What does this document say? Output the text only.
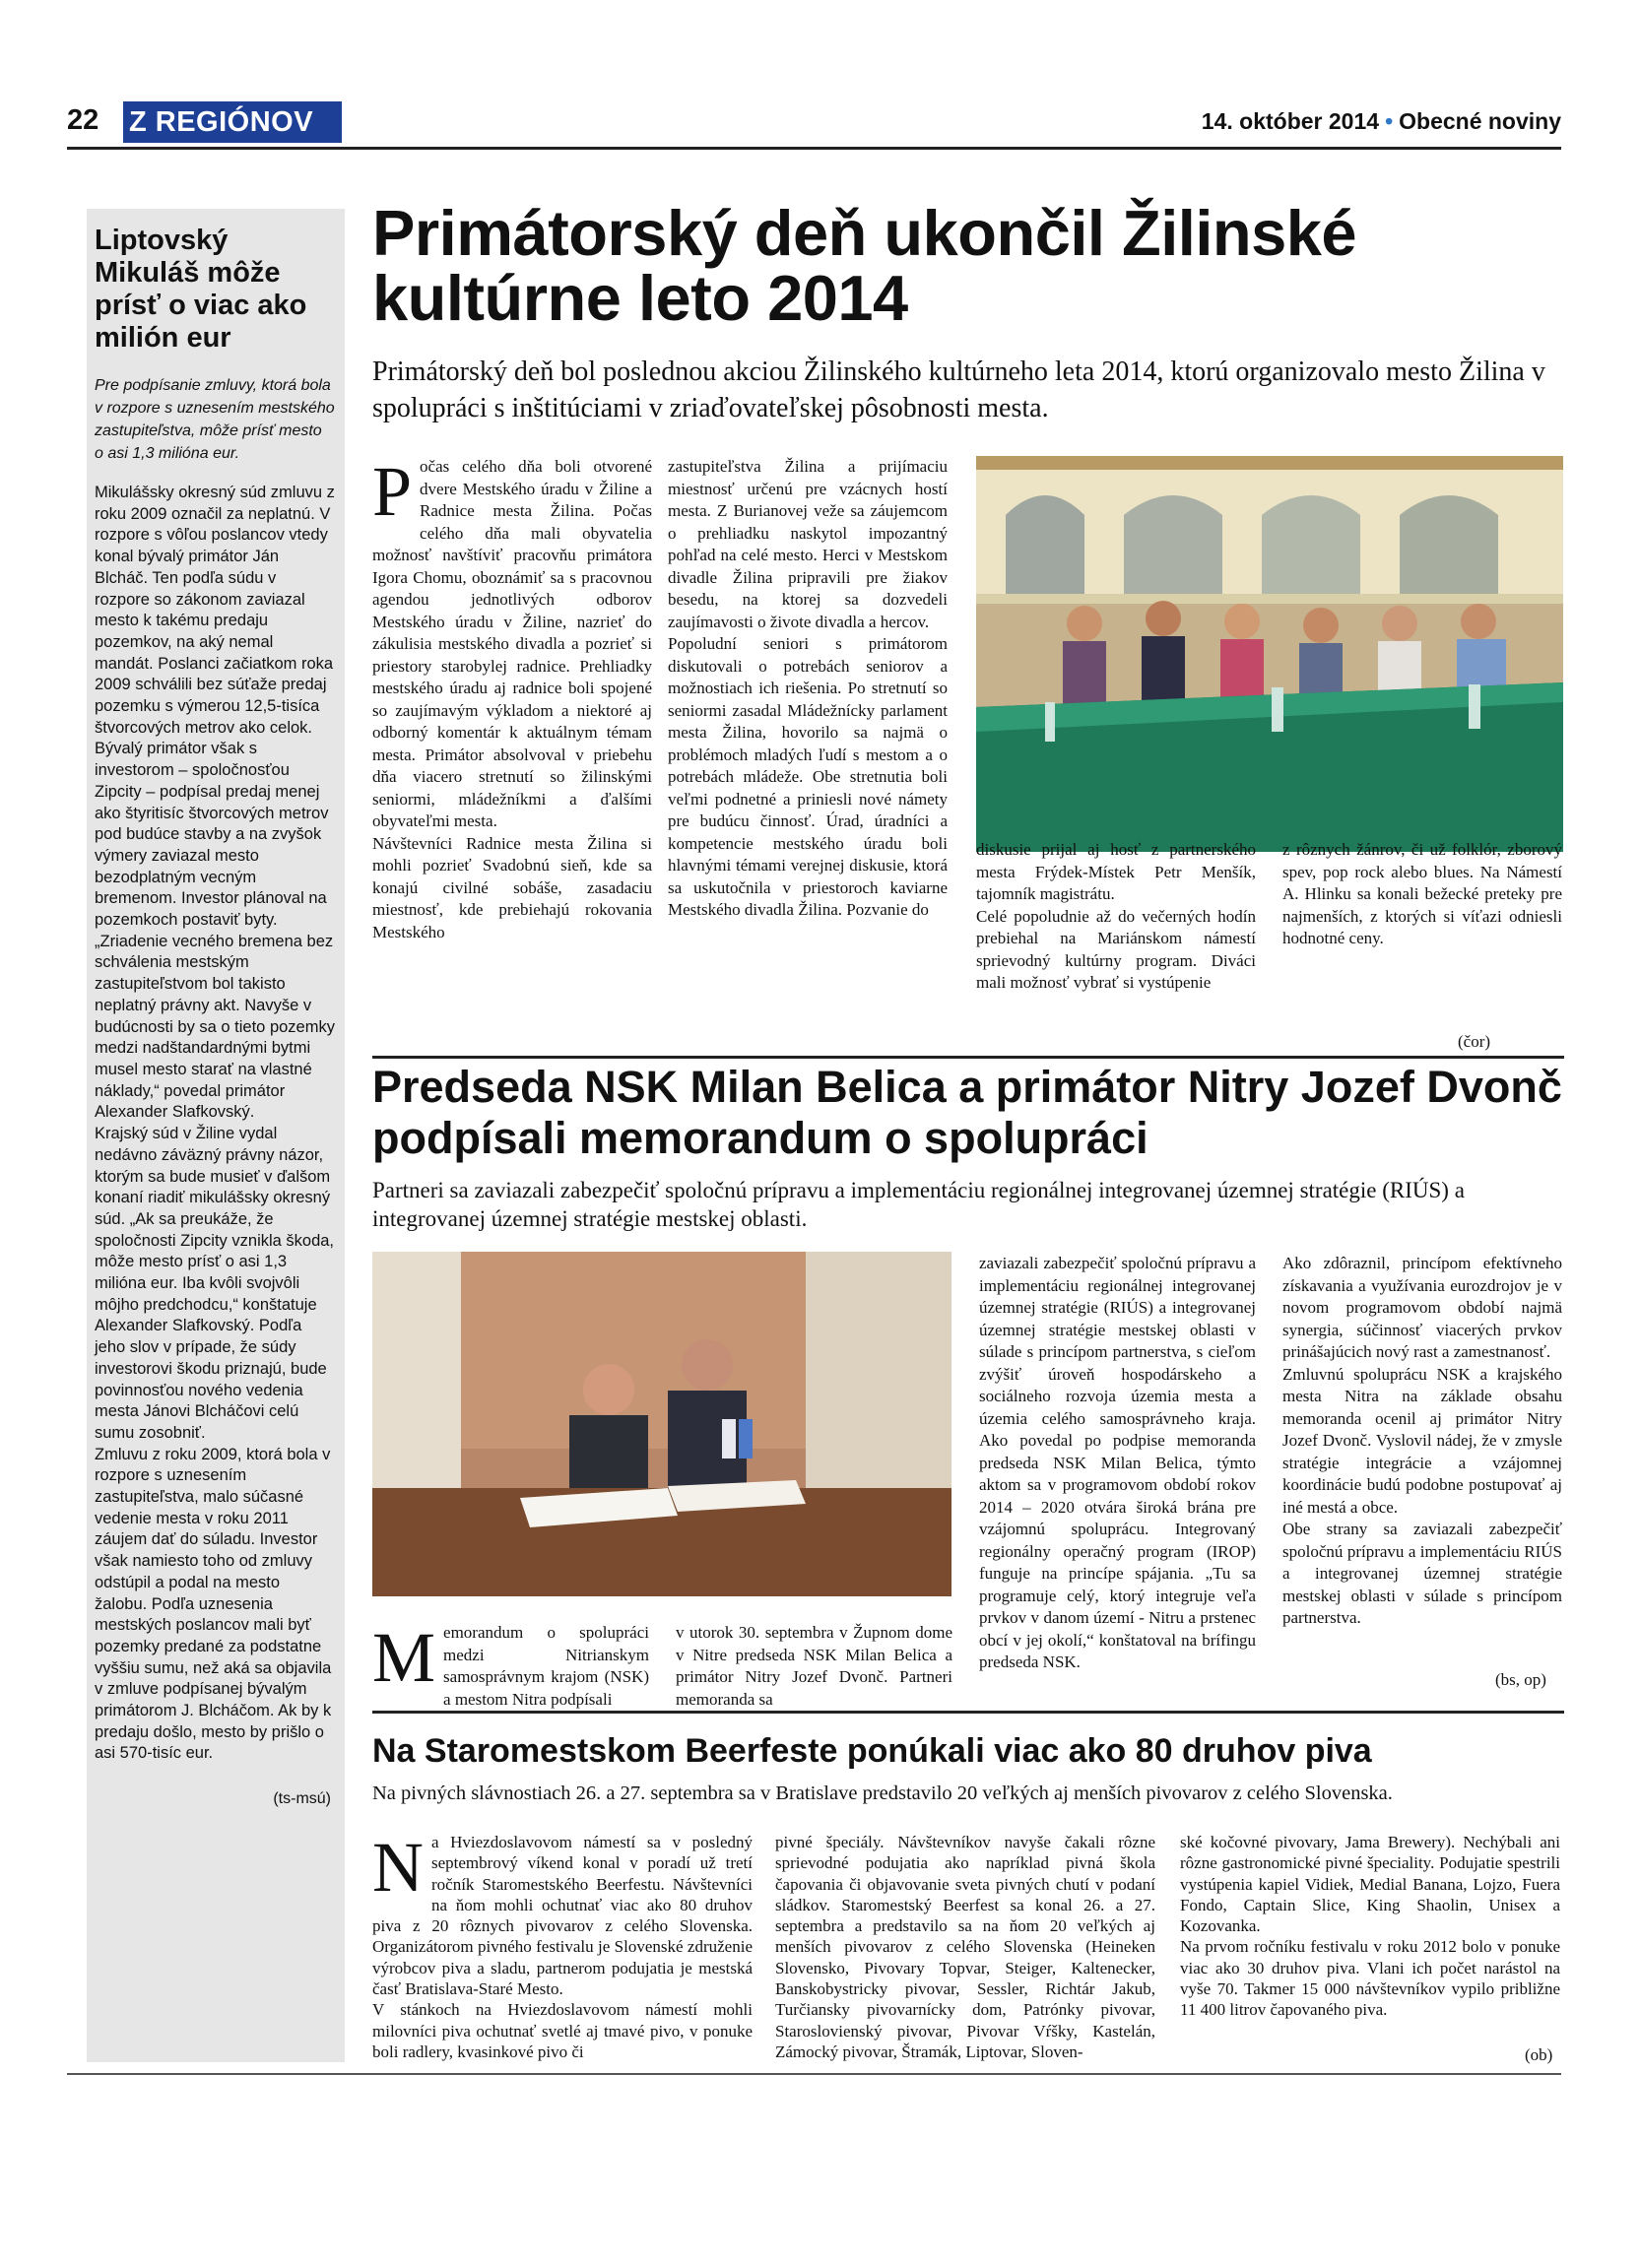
22 Z REGIÓNOV	14. október 2014 • Obecné noviny
Liptovský Mikuláš môže prísť o viac ako milión eur
Pre podpísanie zmluvy, ktorá bola v rozpore s uznesením mestského zastupiteľstva, môže prísť mesto o asi 1,3 milióna eur.
Mikulášsky okresný súd zmluvu z roku 2009 označil za neplatnú. V rozpore s vôľou poslancov vtedy konal bývalý primátor Ján Blcháč. Ten podľa súdu v rozpore so zákonom zaviazal mesto k takému predaju pozemkov, na aký nemal mandát. Poslanci začiatkom roka 2009 schválili bez súťaže predaj pozemku s výmerou 12,5-tisíca štvorcových metrov ako celok. Bývalý primátor však s investorom – spoločnosťou Zipcity – podpísal predaj menej ako štyritisíc štvorcových metrov pod budúce stavby a na zvyšok výmery zaviazal mesto bezodplatným vecným bremenom. Investor plánoval na pozemkoch postaviť byty. „Zriadenie vecného bremena bez schválenia mestským zastupiteľstvom bol takisto neplatný právny akt. Navyše v budúcnosti by sa o tieto pozemky medzi nadštandardnými bytmi musel mesto starať na vlastné náklady,“ povedal primátor Alexander Slafkovský.
Krajský súd v Žiline vydal nedávno záväzný právny názor, ktorým sa bude musieť v ďalšom konaní riadiť mikulášsky okresný súd. „Ak sa preukáže, že spoločnosti Zipcity vznikla škoda, môže mesto prísť o asi 1,3 milióna eur. Iba kvôli svojvôli môjho predchodcu,“ konštatuje Alexander Slafkovský. Podľa jeho slov v prípade, že súdy investorovi škodu priznajú, bude povinnosťou nového vedenia mesta Jánovi Blcháčovi celú sumu zosobniť.
Zmluvu z roku 2009, ktorá bola v rozpore s uznesením zastupiteľstva, malo súčasné vedenie mesta v roku 2011 záujem dať do súladu. Investor však namiesto toho od zmluvy odstúpil a podal na mesto žalobu. Podľa uznesenia mestských poslancov mali byť pozemky predané za podstatne vyššiu sumu, než aká sa objavila v zmluve podpísanej bývalým primátorom J. Blcháčom. Ak by k predaju došlo, mesto by prišlo o asi 570-tisíc eur.
(ts-msú)
Primátorský deň ukončil Žilinské kultúrne leto 2014
Primátorský deň bol poslednou akciou Žilinského kultúrneho leta 2014, ktorú organizovalo mesto Žilina v spolupráci s inštitúciami v zriaďovateľskej pôsobnosti mesta.
Počas celého dňa boli otvorené dvere Mestského úradu v Žiline a Radnice mesta Žilina. Počas celého dňa mali obyvatelia možnosť navštíviť pracovňu primátora Igora Chomu, oboznámiť sa s pracovnou agendou jednotlivých odborov Mestského úradu v Žiline, nazrieť do zákulisia mestského divadla a pozrieť si priestory starobylej radnice. Prehliadky mestského úradu aj radnice boli spojené so zaujímavým výkladom a niektoré aj odborný komentár k aktuálnym témam mesta. Primátor absolvoval v priebehu dňa viacero stretnutí so žilinskými seniormi, mládežníkmi a ďalšími obyvateľmi mesta.
Návštevníci Radnice mesta Žilina si mohli pozrieť Svadobnú sieň, kde sa konajú civilné sobáše, zasadaciu miestnosť, kde prebiehajú rokovania Mestského
zastupiteľstva Žilina a prijímaciu miestnosť určenú pre vzácnych hostí mesta. Z Burianovej veže sa záujemcom o prehliadku naskytol impozantný pohľad na celé mesto. Herci v Mestskom divadle Žilina pripravili pre žiakov besedu, na ktorej sa dozvedeli zaujímavosti o živote divadla a hercov.
Popoludní seniori s primátorom diskutovali o potrebách seniorov a možnostiach ich riešenia. Po stretnutí so seniormi zasadal Mládežnícky parlament mesta Žilina, hovorilo sa najmä o problémoch mladých ľudí s mestom a o potrebách mládeže. Obe stretnutia boli veľmi podnetné a priniesli nové námety pre budúcu činnosť. Úrad, úradníci a kompetencie mestského úradu boli hlavnými témami verejnej diskusie, ktorá sa uskutočnila v priestoroch kaviarne Mestského divadla Žilina. Pozvanie do
diskusie prijal aj hosť z partnerského mesta Frýdek-Místek Petr Menšík, tajomník magistrátu.
Celé popoludnie až do večerných hodín prebiehal na Mariánskom námestí sprievodný kultúrny program. Diváci mali možnosť vybrať si vystúpenie
z rôznych žánrov, či už folklór, zborový spev, pop rock alebo blues. Na Námestí A. Hlinku sa konali bežecké preteky pre najmenších, z ktorých si víťazi odniesli hodnotné ceny.
(čor)
Predseda NSK Milan Belica a primátor Nitry Jozef Dvonč podpísali memorandum o spolupráci
Partneri sa zaviazali zabezpečiť spoločnú prípravu a implementáciu regionálnej integrovanej územnej stratégie (RIÚS) a integrovanej územnej stratégie mestskej oblasti.
Memorandum o spolupráci medzi Nitrianskym samosprávnym krajom (NSK) a mestom Nitra podpísali
v utorok 30. septembra v Župnom dome v Nitre predseda NSK Milan Belica a primátor Nitry Jozef Dvonč. Partneri memoranda sa
zaviazali zabezpečiť spoločnú prípravu a implementáciu regionálnej integrovanej územnej stratégie (RIÚS) a integrovanej územnej stratégie mestskej oblasti v súlade s princípom partnerstva, s cieľom zvýšiť úroveň hospodárskeho a sociálneho rozvoja územia mesta a územia celého samosprávneho kraja. Ako povedal po podpise memoranda predseda NSK Milan Belica, týmto aktom sa v programovom období rokov 2014 – 2020 otvára široká brána pre vzájomnú spoluprácu. Integrovaný regionálny operačný program (IROP) funguje na princípe spájania. „Tu sa programuje celý, ktorý integruje veľa prvkov v danom území - Nitru a prstenec obcí v jej okolí,“ konštatoval na brífingu predseda NSK.
Ako zdôraznil, princípom efektívneho získavania a využívania eurozdrojov je v novom programovom období najmä synergia, súčinnosť viacerých prvkov prinášajúcich nový rast a zamestnanosť.
Zmluvnú spoluprácu NSK a krajského mesta Nitra na základe obsahu memoranda ocenil aj primátor Nitry Jozef Dvonč. Vyslovil nádej, že v zmysle stratégie integrácie a vzájomnej koordinácie budú podobne postupovať aj iné mestá a obce.
Obe strany sa zaviazali zabezpečiť spoločnú prípravu a implementáciu RIÚS a integrovanej územnej stratégie mestskej oblasti v súlade s princípom partnerstva.
(bs, op)
Na Staromestskom Beerfeste ponúkali viac ako 80 druhov piva
Na pivných slávnostiach 26. a 27. septembra sa v Bratislave predstavilo 20 veľkých aj menších pivovarov z celého Slovenska.
Na Hviezdoslavovom námestí sa v posledný septembrový víkend konal v poradí už tretí ročník Staromestského Beerfestu. Návštevníci na ňom mohli ochutnať viac ako 80 druhov piva z 20 rôznych pivovarov z celého Slovenska. Organizátorom pivného festivalu je Slovenské združenie výrobcov piva a sladu, partnerom podujatia je mestská časť Bratislava-Staré Mesto.
V stánkoch na Hviezdoslavovom námestí mohli milovníci piva ochutnať svetlé aj tmavé pivo, v ponuke boli radlery, kvasinkové pivo či
pivné špeciály. Návštevníkov navyše čakali rôzne sprievodné podujatia ako napríklad pivná škola čapovania či objavovanie sveta pivných chutí v podaní sládkov. Staromestský Beerfest sa konal 26. a 27. septembra a predstavilo sa na ňom 20 veľkých aj menších pivovarov z celého Slovenska (Heineken Slovensko, Pivovary Topvar, Steiger, Kaltenecker, Banskobystricky pivovar, Sessler, Richtár Jakub, Turčiansky pivovarnícky dom, Patrónky pivovar, Staroslovienský pivovar, Pivovar Vŕšky, Kastelán, Zámocký pivovar, Štramák, Liptovar, Sloven-
ské kočovné pivovary, Jama Brewery). Nechýbali ani rôzne gastronomické pivné špeciality. Podujatie spestrili vystúpenia kapiel Vidiek, Medial Banana, Lojzo, Fuera Fondo, Captain Slice, King Shaolin, Unisex a Kozovanka.
Na prvom ročníku festivalu v roku 2012 bolo v ponuke viac ako 30 druhov piva. Vlani ich počet narástol na vyše 70. Takmer 15 000 návštevníkov vypilo približne 11 400 litrov čapovaného piva.
(ob)
